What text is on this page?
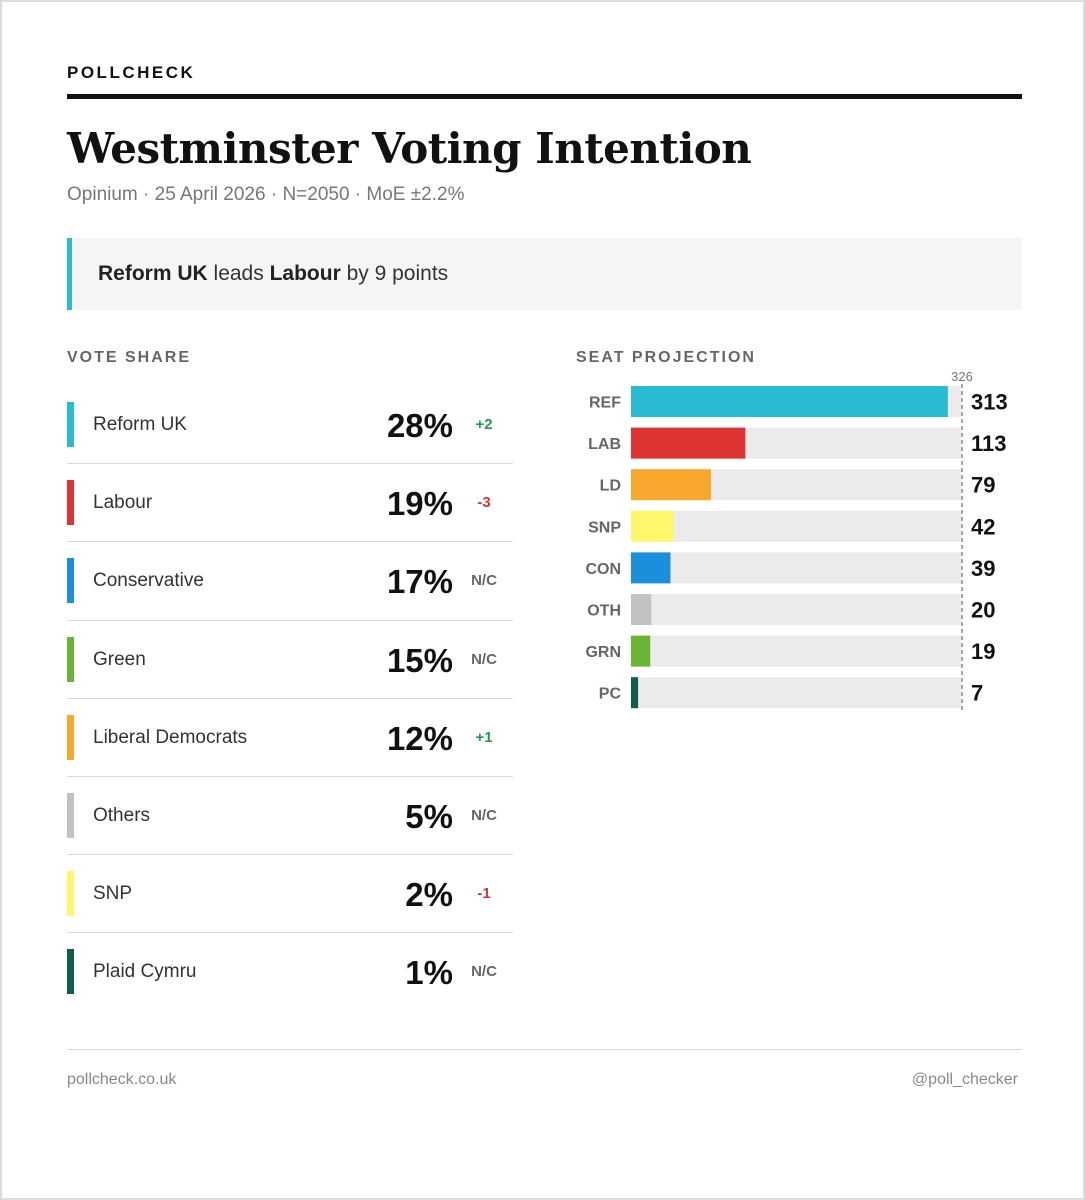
POLLCHECK
Westminster Voting Intention
Opinium · 25 April 2026 · N=2050 · MoE ±2.2%
Reform UK leads Labour by 9 points
VOTE SHARE	SEAT PROJECTION
Reform UK	28%	+2
Labour	19%	-3
Conservative	17%	N/C
Green	15%	N/C
Liberal Democrats	12%	+1
Others	5%	N/C
SNP	2%	-1
Plaid Cymru	1%	N/C
REF	313
LAB	113
LD	79
SNP	42
CON	39
OTH	20
GRN	19
PC	7
326
pollcheck.co.uk	@poll_checker
